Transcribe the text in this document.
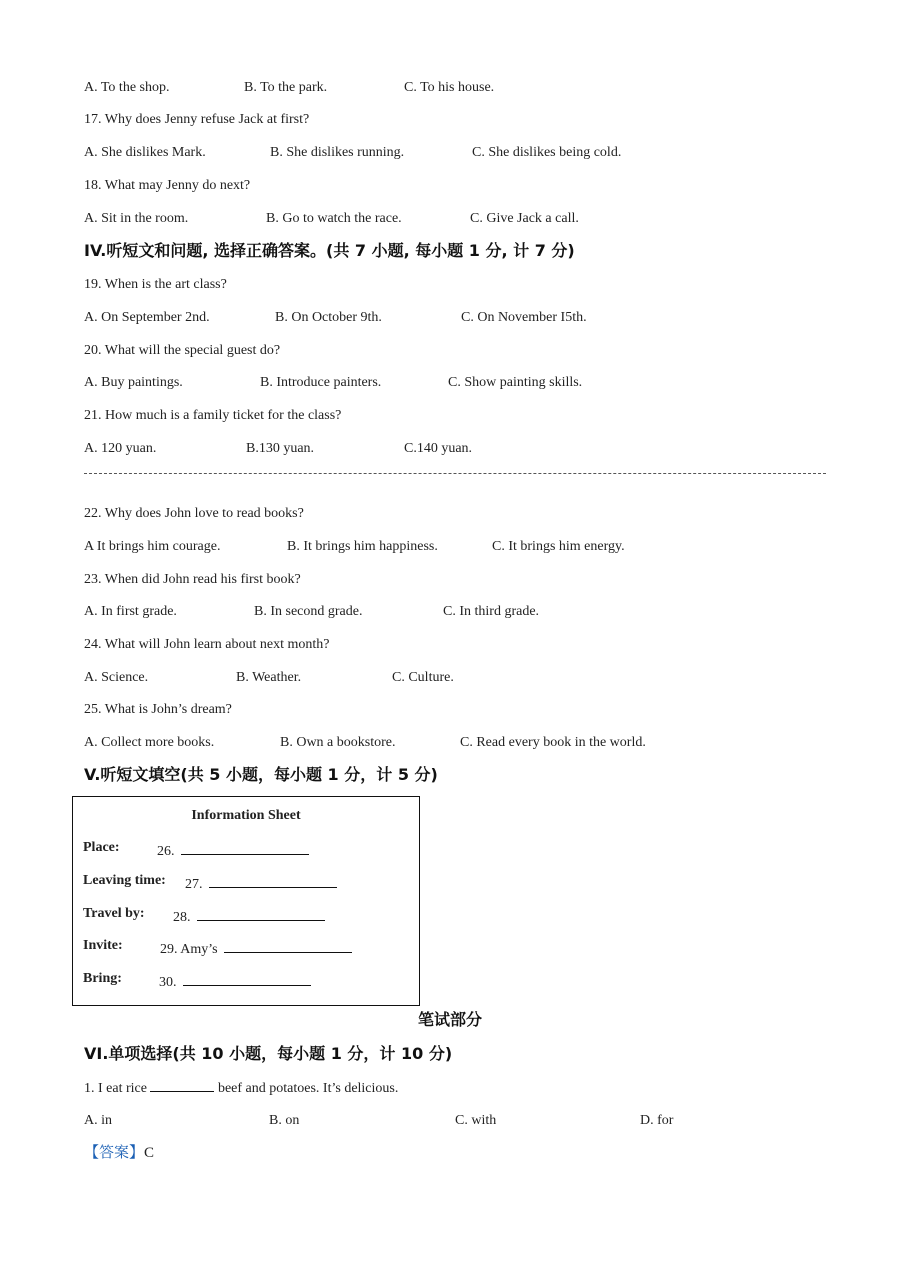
A. To the shop.	B. To the park.	C. To his house.
17. Why does Jenny refuse Jack at first?
A. She dislikes Mark.	B. She dislikes running.	C. She dislikes being cold.
18. What may Jenny do next?
A. Sit in the room.	B. Go to watch the race.	C. Give Jack a call.
IV.听短文和问题, 选择正确答案。(共 7 小题, 每小题 1 分, 计 7 分)
19. When is the art class?
A. On September 2nd.	B. On October 9th.	C. On November I5th.
20. What will the special guest do?
A. Buy paintings.	B. Introduce painters.	C. Show painting skills.
21. How much is a family ticket for the class?
A. 120 yuan.	B.130 yuan.	C.140 yuan.
22. Why does John love to read books?
A It brings him courage.	B. It brings him happiness.	C. It brings him energy.
23. When did John read his first book?
A. In first grade.	B. In second grade.	C. In third grade.
24. What will John learn about next month?
A. Science.	B. Weather.	C. Culture.
25. What is John’s dream?
A. Collect more books.	B. Own a bookstore.	C. Read every book in the world.
V.听短文填空(共 5 小题，每小题 1 分，计 5 分)
Information Sheet
Place:	26.
Leaving time: 27.
Travel by: 28.
Invite:	29. Amy’s
Bring:	30.
笔试部分
VI.单项选择(共 10 小题，每小题 1 分，计 10 分)
1. I eat rice	beef and potatoes. It’s delicious.
A. in	B. on	C. with	D. for
【答案】C
